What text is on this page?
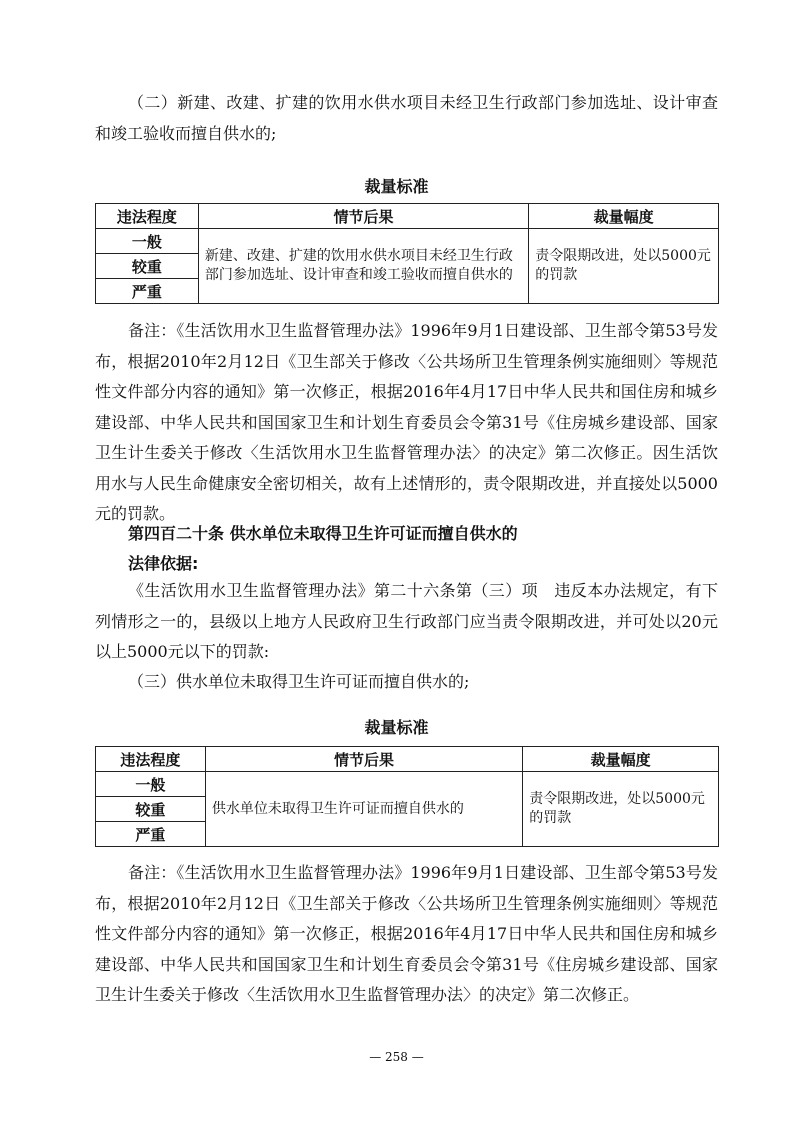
（二）新建、改建、扩建的饮用水供水项目未经卫生行政部门参加选址、设计审查和竣工验收而擅自供水的;

裁量标准

违法程度	情节后果	裁量幅度
一般	新建、改建、扩建的饮用水供水项目未经卫生行政部门参加选址、设计审查和竣工验收而擅自供水的	责令限期改进，处以5000元的罚款
较重		
严重		

备注：《生活饮用水卫生监督管理办法》1996年9月1日建设部、卫生部令第53号发布，根据2010年2月12日《卫生部关于修改〈公共场所卫生管理条例实施细则〉等规范性文件部分内容的通知》第一次修正，根据2016年4月17日中华人民共和国住房和城乡建设部、中华人民共和国国家卫生和计划生育委员会令第31号《住房城乡建设部、国家卫生计生委关于修改〈生活饮用水卫生监督管理办法〉的决定》第二次修正。因生活饮用水与人民生命健康安全密切相关，故有上述情形的，责令限期改进，并直接处以5000元的罚款。

第四百二十条 供水单位未取得卫生许可证而擅自供水的

法律依据:

《生活饮用水卫生监督管理办法》第二十六条第（三）项　违反本办法规定，有下列情形之一的，县级以上地方人民政府卫生行政部门应当责令限期改进，并可处以20元以上5000元以下的罚款:

（三）供水单位未取得卫生许可证而擅自供水的;

裁量标准

违法程度	情节后果	裁量幅度
一般	供水单位未取得卫生许可证而擅自供水的	责令限期改进，处以5000元的罚款
较重		
严重		

备注：《生活饮用水卫生监督管理办法》1996年9月1日建设部、卫生部令第53号发布，根据2010年2月12日《卫生部关于修改〈公共场所卫生管理条例实施细则〉等规范性文件部分内容的通知》第一次修正，根据2016年4月17日中华人民共和国住房和城乡建设部、中华人民共和国国家卫生和计划生育委员会令第31号《住房城乡建设部、国家卫生计生委关于修改〈生活饮用水卫生监督管理办法〉的决定》第二次修正。

— 258 —
